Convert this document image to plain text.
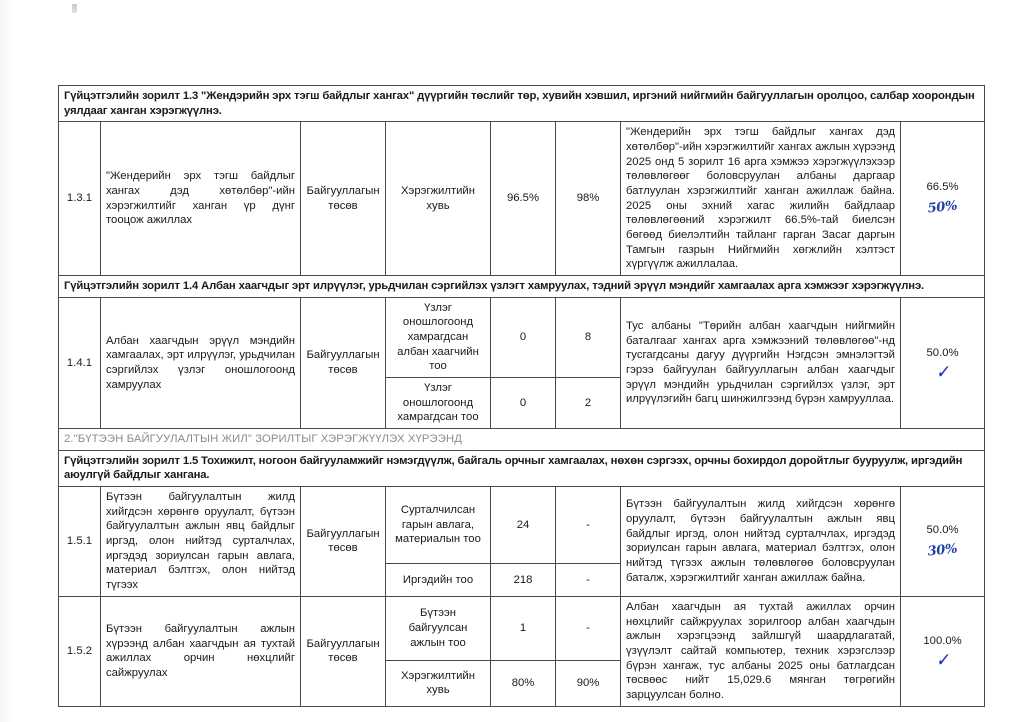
Гүйцэтгэлийн зорилт 1.3 "Жендэрийн эрх тэгш байдлыг хангах" дүүргийн төслийг төр, хувийн хэвшил, иргэний нийгмийн байгууллагын оролцоо, салбар хоорондын уялдааг ханган хэрэгжүүлнэ.							
1.3.1	"Жендерийн эрх тэгш байдлыг хангах дэд хөтөлбөр"-ийн хэрэгжилтийг ханган үр дүнг тооцож ажиллах	Байгууллагын төсөв	Хэрэгжилтийн хувь	96.5%	98%	"Жендерийн эрх тэгш байдлыг хангах дэд хөтөлбөр"-ийн хэрэгжилтийг хангах ажлын хүрээнд 2025 онд 5 зорилт 16 арга хэмжээ хэрэгжүүлэхээр төлөвлөгөөг боловсруулан албаны даргаар батлуулан хэрэгжилтийг ханган ажиллаж байна. 2025 оны эхний хагас жилийн байдлаар төлөвлөгөөний хэрэгжилт 66.5%-тай биелсэн бөгөөд биелэлтийн тайланг гарган Засаг даргын Тамгын газрын Нийгмийн хөгжлийн хэлтэст хүргүүлж ажиллалаа.	66.5%
50%

Гүйцэтгэлийн зорилт 1.4 Албан хаагчдыг эрт илрүүлэг, урьдчилан сэргийлэх үзлэгт хамруулах, тэдний эрүүл мэндийг хамгаалах арга хэмжээг хэрэгжүүлнэ.							
1.4.1	Албан хаагчдын эрүүл мэндийн хамгаалах, эрт илрүүлэг, урьдчилан сэргийлэх үзлэг оношлогоонд хамруулах	Байгууллагын төсөв	Үзлэг оношлогоонд хамрагдсан албан хаагчийн тоо	0	8	Тус албаны "Төрийн албан хаагчдын нийгмийн баталгааг хангах арга хэмжээний төлөвлөгөө"-нд тусгагдсаны дагуу дүүргийн Нэгдсэн эмнэлэгтэй гэрээ байгуулан байгууллагын албан хаагчдыг эрүүл мэндийн урьдчилан сэргийлэх үзлэг, эрт илрүүлэгийн багц шинжилгээнд бүрэн хамрууллаа.	50.0%
✓

			Үзлэг оношлогоонд хамрагдсан тоо	0	2		
2."БҮТЭЭН БАЙГУУЛАЛТЫН ЖИЛ" ЗОРИЛТЫГ ХЭРЭГЖҮҮЛЭХ ХҮРЭЭНД							
Гүйцэтгэлийн зорилт 1.5 Тохижилт, ногоон байгууламжийг нэмэгдүүлж, байгаль орчныг хамгаалах, нөхөн сэргээх, орчны бохирдол доройтлыг бууруулж, иргэдийн аюулгүй байдлыг хангана.							
1.5.1	Бүтээн байгуулалтын жилд хийгдсэн хөрөнгө оруулалт, бүтээн байгуулалтын ажлын явц байдлыг иргэд, олон нийтэд сурталчлах, иргэдэд зориулсан гарын авлага, материал бэлтгэх, олон нийтэд түгээх	Байгууллагын төсөв	Сурталчилсан гарын авлага, материалын тоо	24	-	Бүтээн байгуулалтын жилд хийгдсэн хөрөнгө оруулалт, бүтээн байгуулалтын ажлын явц байдлыг иргэд, олон нийтэд сурталчлах, иргэдэд зориулсан гарын авлага, материал бэлтгэх, олон нийтэд түгээх ажлын төлөвлөгөө боловсруулан баталж, хэрэгжилтийг ханган ажиллаж байна.	50.0%
30%

			Иргэдийн тоо	218	-		
1.5.2	Бүтээн байгуулалтын ажлын хүрээнд албан хаагчдын ая тухтай ажиллах орчин нөхцлийг сайжруулах	Байгууллагын төсөв	Бүтээн байгуулсан ажлын тоо	1	-	Албан хаагчдын ая тухтай ажиллах орчин нөхцлийг сайжруулах зорилгоор албан хаагчдын ажлын хэрэгцээнд зайлшгүй шаардлагатай, үзүүлэлт сайтай компьютер, техник хэрэгслээр бүрэн хангаж, тус албаны 2025 оны батлагдсан төсвөөс нийт 15,029.6 мянган төгрөгийн зарцуулсан болно.	100.0%
✓

			Хэрэгжилтийн хувь	80%	90%		
